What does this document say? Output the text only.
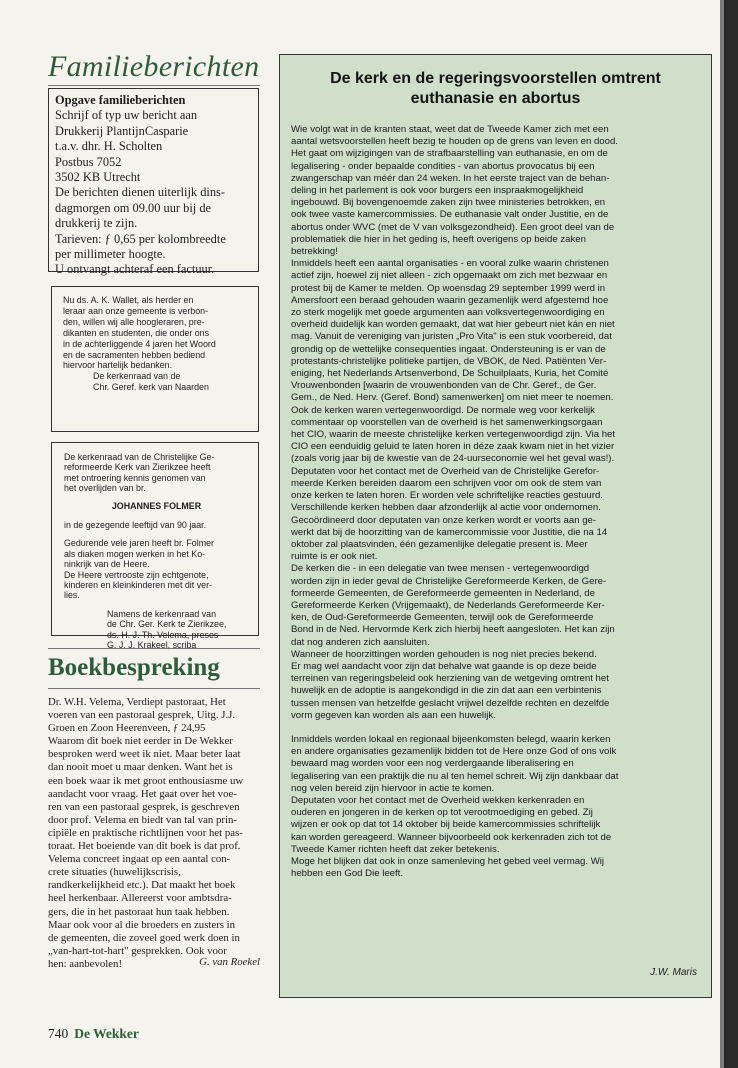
Familieberichten
Opgave familieberichten
Schrijf of typ uw bericht aan
Drukkerij PlantijnCasparie
t.a.v. dhr. H. Scholten
Postbus 7052
3502 KB Utrecht
De berichten dienen uiterlijk dins-
dagmorgen om 09.00 uur bij de
drukkerij te zijn.
Tarieven: ƒ 0,65 per kolombreedte
per millimeter hoogte.
U ontvangt achteraf een factuur.
Nu ds. A. K. Wallet, als herder en
leraar aan onze gemeente is verbon-
den, willen wij alle hoogleraren, pre-
dikanten en studenten, die onder ons
in de achterliggende 4 jaren het Woord
en de sacramenten hebben bediend
hiervoor hartelijk bedanken.
De kerkenraad van de
Chr. Geref. kerk van Naarden
De kerkenraad van de Christelijke Ge-
reformeerde Kerk van Zierikzee heeft
met ontroering kennis genomen van
het overlijden van br.
JOHANNES FOLMER
in de gezegende leeftijd van 90 jaar.
Gedurende vele jaren heeft br. Folmer
als diaken mogen werken in het Ko-
ninkrijk van de Heere.
De Heere vertrooste zijn echtgenote,
kinderen en kleinkinderen met dit ver-
lies.
Namens de kerkenraad van
de Chr. Ger. Kerk te Zierikzee,
ds. H. J. Th. Velema, preses
G. J. J. Krakeel, scriba
Boekbespreking
Dr. W.H. Velema, Verdiept pastoraat, Het
voeren van een pastoraal gesprek, Uitg. J.J.
Groen en Zoon Heerenveen, ƒ 24,95
Waarom dit boek niet eerder in De Wekker
besproken werd weet ik niet. Maar beter laat
dan nooit moet u maar denken. Want het is
een boek waar ik met groot enthousiasme uw
aandacht voor vraag. Het gaat over het voe-
ren van een pastoraal gesprek, is geschreven
door prof. Velema en biedt van tal van prin-
cipiële en praktische richtlijnen voor het pas-
toraat. Het boeiende van dit boek is dat prof.
Velema concreet ingaat op een aantal con-
crete situaties (huwelijkscrisis,
randkerkelijkheid etc.). Dat maakt het boek
heel herkenbaar. Allereerst voor ambtsdra-
gers, die in het pastoraat hun taak hebben.
Maar ook voor al die broeders en zusters in
de gemeenten, die zoveel goed werk doen in
„van-hart-tot-hart" gesprekken. Ook voor
hen: aanbevolen!	G. van Roekel
740 De Wekker
De kerk en de regeringsvoorstellen omtrent
euthanasie en abortus
Wie volgt wat in de kranten staat, weet dat de Tweede Kamer zich met een
aantal wetsvoorstellen heeft bezig te houden op de grens van leven en dood.
Het gaat om wijzigingen van de strafbaarstelling van euthanasie, en om de
legalisering - onder bepaalde condities - van abortus provocatus bij een
zwangerschap van méér dan 24 weken. In het eerste traject van de behan-
deling in het parlement is ook voor burgers een inspraakmogelijkheid
ingebouwd. Bij bovengenoemde zaken zijn twee ministeries betrokken, en
ook twee vaste kamercommissies. De euthanasie valt onder Justitie, en de
abortus onder WVC (met de V van volksgezondheid). Een groot deel van de
problematiek die hier in het geding is, heeft overigens op beide zaken
betrekking!
Inmiddels heeft een aantal organisaties - en vooral zulke waarin christenen
actief zijn, hoewel zij niet alleen - zich opgemaakt om zich met bezwaar en
protest bij de Kamer te melden. Op woensdag 29 september 1999 werd in
Amersfoort een beraad gehouden waarin gezamenlijk werd afgestemd hoe
zo sterk mogelijk met goede argumenten aan volksvertegenwoordiging en
overheid duidelijk kan worden gemaakt, dat wat hier gebeurt niet kán en niet
mag. Vanuit de vereniging van juristen „Pro Vita" is een stuk voorbereid, dat
grondig op de wettelijke consequenties ingaat. Ondersteuning is er van de
protestants-christelijke politieke partijen, de VBOK, de Ned. Patiënten Ver-
eniging, het Nederlands Artsenverbond, De Schuilplaats, Kuria, het Comité
Vrouwenbonden [waarin de vrouwenbonden van de Chr. Geref., de Ger.
Gem., de Ned. Herv. (Geref. Bond) samenwerken] om niet meer te noemen.
Ook de kerken waren vertegenwoordigd. De normale weg voor kerkelijk
commentaar op voorstellen van de overheid is het samenwerkingsorgaan
het CIO, waarin de meeste christelijke kerken vertegenwoordigd zijn. Via het
CIO een eenduidig geluid te laten horen in déze zaak kwam niet in het vizier
(zoals vorig jaar bij de kwestie van de 24-uurseconomie wel het geval was!).
Deputaten voor het contact met de Overheid van de Christelijke Gerefor-
meerde Kerken bereiden daarom een schrijven voor om ook de stem van
onze kerken te laten horen. Er worden vele schriftelijke reacties gestuurd.
Verschillende kerken hebben daar afzonderlijk al actie voor ondernomen.
Gecoördineerd door deputaten van onze kerken wordt er voorts aan ge-
werkt dat bij de hoorzitting van de kamercommissie voor Justitie, die na 14
oktober zal plaatsvinden, één gezamenlijke delegatie present is. Meer
ruimte is er ook niet.
De kerken die - in een delegatie van twee mensen - vertegenwoordigd
worden zijn in ieder geval de Christelijke Gereformeerde Kerken, de Gere-
formeerde Gemeenten, de Gereformeerde gemeenten in Nederland, de
Gereformeerde Kerken (Vrijgemaakt), de Nederlands Gereformeerde Ker-
ken, de Oud-Gereformeerde Gemeenten, terwijl ook de Gereformeerde
Bond in de Ned. Hervormde Kerk zich hierbij heeft aangesloten. Het kan zijn
dat nog anderen zich aansluiten.
Wanneer de hoorzittingen worden gehouden is nog niet precies bekend.
Er mag wel aandacht voor zijn dat behalve wat gaande is op deze beide
terreinen van regeringsbeleid ook herziening van de wetgeving omtrent het
huwelijk en de adoptie is aangekondigd in die zin dat aan een verbintenis
tussen mensen van hetzelfde geslacht vrijwel dezelfde rechten en dezelfde
vorm gegeven kan worden als aan een huwelijk.
Inmiddels worden lokaal en regionaal bijeenkomsten belegd, waarin kerken
en andere organisaties gezamenlijk bidden tot de Here onze God of ons volk
bewaard mag worden voor een nog verdergaande liberalisering en
legalisering van een praktijk die nu al ten hemel schreit. Wij zijn dankbaar dat
nog velen bereid zijn hiervoor in actie te komen.
Deputaten voor het contact met de Overheid wekken kerkenraden en
ouderen en jongeren in de kerken op tot verootmoediging en gebed. Zij
wijzen er ook op dat tot 14 oktober bij beide kamercommissies schriftelijk
kan worden gereageerd. Wanneer bijvoorbeeld ook kerkenraden zich tot de
Tweede Kamer richten heeft dat zeker betekenis.
Moge het blijken dat ook in onze samenleving het gebed veel vermag. Wij
hebben een God Die leeft.
J.W. Maris
